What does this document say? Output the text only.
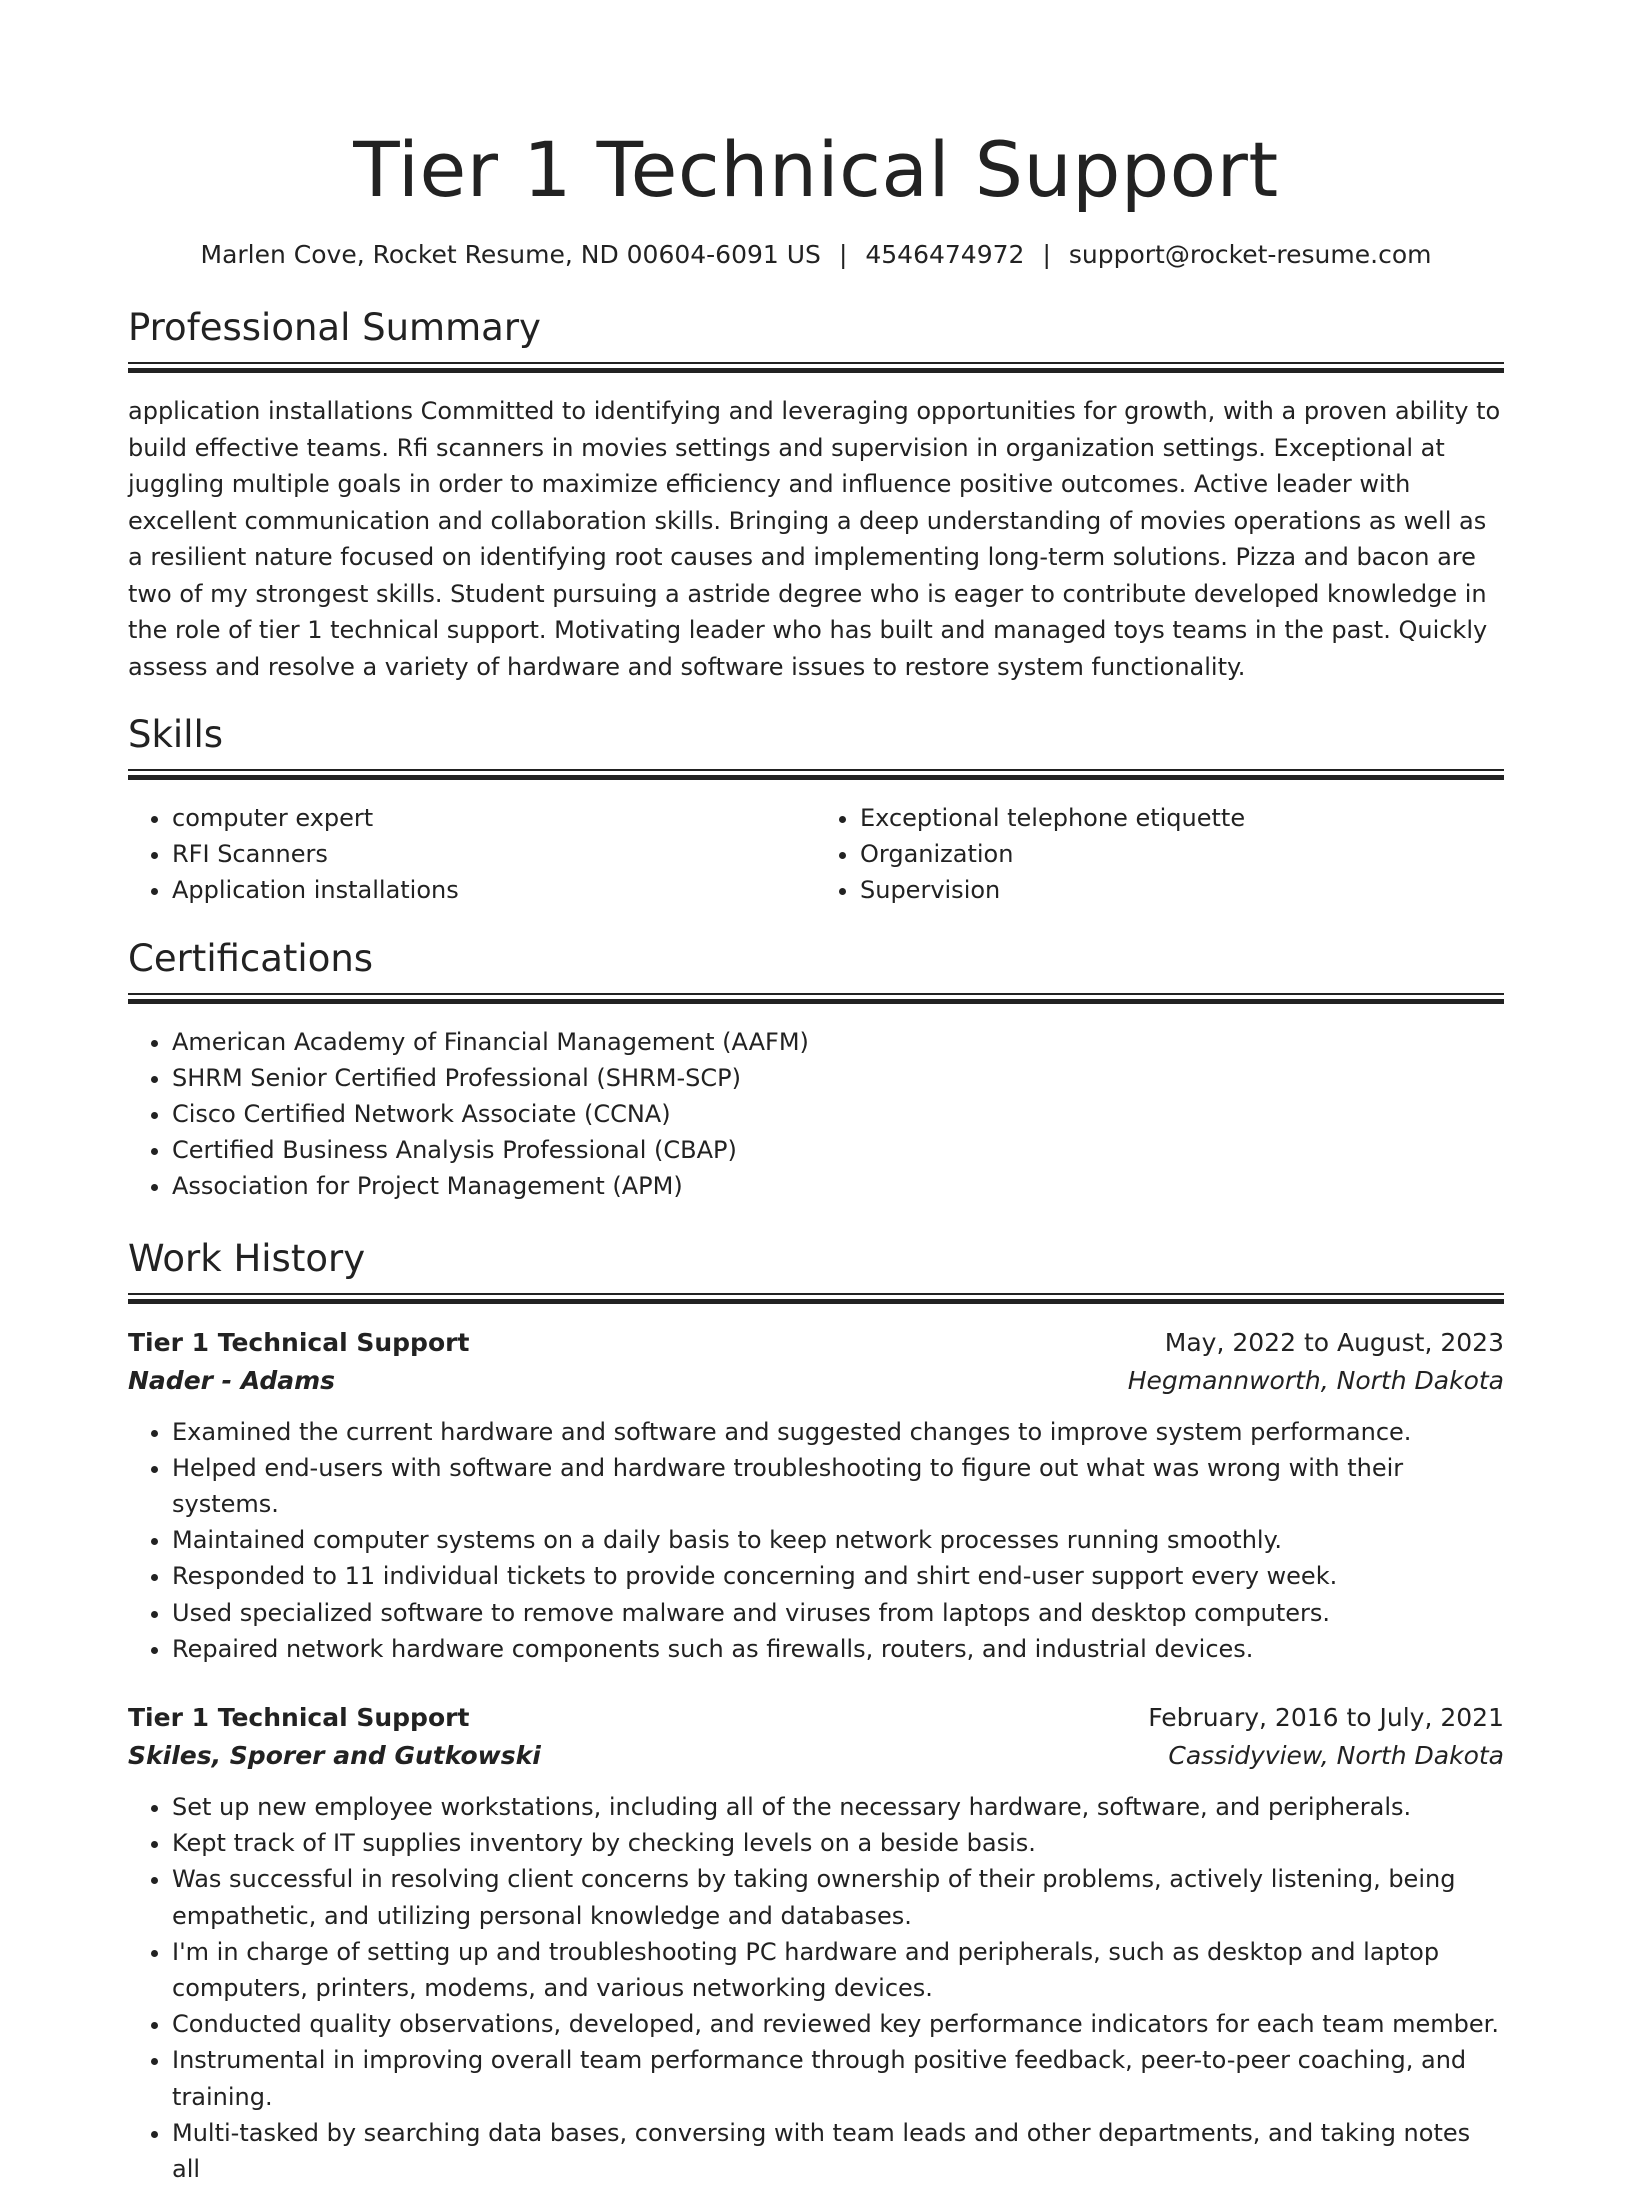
Tier 1 Technical Support
Marlen Cove, Rocket Resume, ND 00604-6091 US | 4546474972 | support@rocket-resume.com
Professional Summary

application installations Committed to identifying and leveraging opportunities for growth, with a proven ability to build effective teams. Rfi scanners in movies settings and supervision in organization settings. Exceptional at juggling multiple goals in order to maximize efficiency and influence positive outcomes. Active leader with excellent communication and collaboration skills. Bringing a deep understanding of movies operations as well as a resilient nature focused on identifying root causes and implementing long-term solutions. Pizza and bacon are two of my strongest skills. Student pursuing a astride degree who is eager to contribute developed knowledge in the role of tier 1 technical support. Motivating leader who has built and managed toys teams in the past. Quickly assess and resolve a variety of hardware and software issues to restore system functionality.

Skills
• computer expert
• RFI Scanners
• Application installations
• Exceptional telephone etiquette
• Organization
• Supervision
Certifications
• American Academy of Financial Management (AAFM)
• SHRM Senior Certified Professional (SHRM-SCP)
• Cisco Certified Network Associate (CCNA)
• Certified Business Analysis Professional (CBAP)
• Association for Project Management (APM)
Work History
Tier 1 Technical Support	May, 2022 to August, 2023
Nader - Adams	Hegmannworth, North Dakota
• Examined the current hardware and software and suggested changes to improve system performance.
• Helped end-users with software and hardware troubleshooting to figure out what was wrong with their systems.
• Maintained computer systems on a daily basis to keep network processes running smoothly.
• Responded to 11 individual tickets to provide concerning and shirt end-user support every week.
• Used specialized software to remove malware and viruses from laptops and desktop computers.
• Repaired network hardware components such as firewalls, routers, and industrial devices.
Tier 1 Technical Support	February, 2016 to July, 2021
Skiles, Sporer and Gutkowski	Cassidyview, North Dakota
• Set up new employee workstations, including all of the necessary hardware, software, and peripherals.
• Kept track of IT supplies inventory by checking levels on a beside basis.
• Was successful in resolving client concerns by taking ownership of their problems, actively listening, being empathetic, and utilizing personal knowledge and databases.
• I'm in charge of setting up and troubleshooting PC hardware and peripherals, such as desktop and laptop computers, printers, modems, and various networking devices.
• Conducted quality observations, developed, and reviewed key performance indicators for each team member.
• Instrumental in improving overall team performance through positive feedback, peer-to-peer coaching, and training.
• Multi-tasked by searching data bases, conversing with team leads and other departments, and taking notes all
